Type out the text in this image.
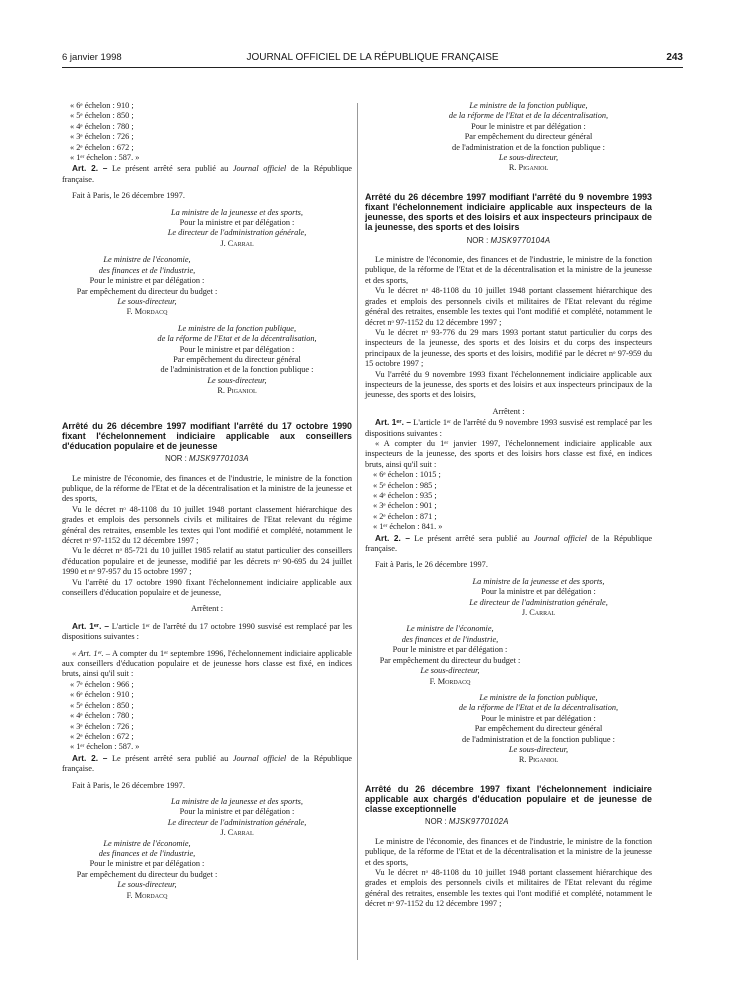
6 janvier 1998	JOURNAL OFFICIEL DE LA RÉPUBLIQUE FRANÇAISE	243

« 6ᵉ échelon : 910 ;

« 5ᵉ échelon : 850 ;

« 4ᵉ échelon : 780 ;

« 3ᵉ échelon : 726 ;

« 2ᵉ échelon : 672 ;

« 1ᵉʳ échelon : 587. »

Art. 2. – Le présent arrêté sera publié au Journal officiel de la République française.

Fait à Paris, le 26 décembre 1997.

La ministre de la jeunesse et des sports,

Pour la ministre et par délégation :

Le directeur de l'administration générale,

J. Carral

Le ministre de l'économie,

des finances et de l'industrie,

Pour le ministre et par délégation :

Par empêchement du directeur du budget :

Le sous-directeur,

F. Mordacq

Le ministre de la fonction publique,

de la réforme de l'Etat et de la décentralisation,

Pour le ministre et par délégation :

Par empêchement du directeur général

de l'administration et de la fonction publique :

Le sous-directeur,

R. Piganiol

Arrêté du 26 décembre 1997 modifiant l'arrêté du 17 octobre 1990 fixant l'échelonnement indiciaire applicable aux conseillers d'éducation populaire et de jeunesse

NOR : MJSK9770103A

Le ministre de l'économie, des finances et de l'industrie, le ministre de la fonction publique, de la réforme de l'Etat et de la décentralisation et la ministre de la jeunesse et des sports,

Vu le décret nᵒ 48-1108 du 10 juillet 1948 portant classement hiérarchique des grades et emplois des personnels civils et militaires de l'Etat relevant du régime général des retraites, ensemble les textes qui l'ont modifié et complété, notamment le décret nᵒ 97-1152 du 12 décembre 1997 ;

Vu le décret nᵒ 85-721 du 10 juillet 1985 relatif au statut particulier des conseillers d'éducation populaire et de jeunesse, modifié par les décrets nᵒ 90-695 du 24 juillet 1990 et nᵒ 97-957 du 15 octobre 1997 ;

Vu l'arrêté du 17 octobre 1990 fixant l'échelonnement indiciaire applicable aux conseillers d'éducation populaire et de jeunesse,

Arrêtent :

Art. 1ᵉʳ. – L'article 1ᵉʳ de l'arrêté du 17 octobre 1990 susvisé est remplacé par les dispositions suivantes :

« Art. 1ᵉʳ. – A compter du 1ᵉʳ septembre 1996, l'échelonnement indiciaire applicable aux conseillers d'éducation populaire et de jeunesse hors classe est fixé, en indices bruts, ainsi qu'il suit :

« 7ᵉ échelon : 966 ;

« 6ᵉ échelon : 910 ;

« 5ᵉ échelon : 850 ;

« 4ᵉ échelon : 780 ;

« 3ᵉ échelon : 726 ;

« 2ᵉ échelon : 672 ;

« 1ᵉʳ échelon : 587. »

Art. 2. – Le présent arrêté sera publié au Journal officiel de la République française.

Fait à Paris, le 26 décembre 1997.

La ministre de la jeunesse et des sports,

Pour la ministre et par délégation :

Le directeur de l'administration générale,

J. Carral

Le ministre de l'économie,

des finances et de l'industrie,

Pour le ministre et par délégation :

Par empêchement du directeur du budget :

Le sous-directeur,

F. Mordacq

Le ministre de la fonction publique,

de la réforme de l'Etat et de la décentralisation,

Pour le ministre et par délégation :

Par empêchement du directeur général

de l'administration et de la fonction publique :

Le sous-directeur,

R. Piganiol

Arrêté du 26 décembre 1997 modifiant l'arrêté du 9 novembre 1993 fixant l'échelonnement indiciaire applicable aux inspecteurs de la jeunesse, des sports et des loisirs et aux inspecteurs principaux de la jeunesse, des sports et des loisirs

NOR : MJSK9770104A

Le ministre de l'économie, des finances et de l'industrie, le ministre de la fonction publique, de la réforme de l'Etat et de la décentralisation et la ministre de la jeunesse et des sports,

Vu le décret nᵒ 48-1108 du 10 juillet 1948 portant classement hiérarchique des grades et emplois des personnels civils et militaires de l'Etat relevant du régime général des retraites, ensemble les textes qui l'ont modifié et complété, notamment le décret nᵒ 97-1152 du 12 décembre 1997 ;

Vu le décret nᵒ 93-776 du 29 mars 1993 portant statut particulier du corps des inspecteurs de la jeunesse, des sports et des loisirs et du corps des inspecteurs principaux de la jeunesse, des sports et des loisirs, modifié par le décret nᵒ 97-959 du 15 octobre 1997 ;

Vu l'arrêté du 9 novembre 1993 fixant l'échelonnement indiciaire applicable aux inspecteurs de la jeunesse, des sports et des loisirs et aux inspecteurs principaux de la jeunesse, des sports et des loisirs,

Arrêtent :

Art. 1ᵉʳ. – L'article 1ᵉʳ de l'arrêté du 9 novembre 1993 susvisé est remplacé par les dispositions suivantes :

« A compter du 1ᵉʳ janvier 1997, l'échelonnement indiciaire applicable aux inspecteurs de la jeunesse, des sports et des loisirs hors classe est fixé, en indices bruts, ainsi qu'il suit :

« 6ᵉ échelon : 1015 ;

« 5ᵉ échelon : 985 ;

« 4ᵉ échelon : 935 ;

« 3ᵉ échelon : 901 ;

« 2ᵉ échelon : 871 ;

« 1ᵉʳ échelon : 841. »

Art. 2. – Le présent arrêté sera publié au Journal officiel de la République française.

Fait à Paris, le 26 décembre 1997.

La ministre de la jeunesse et des sports,

Pour la ministre et par délégation :

Le directeur de l'administration générale,

J. Carral

Le ministre de l'économie,

des finances et de l'industrie,

Pour le ministre et par délégation :

Par empêchement du directeur du budget :

Le sous-directeur,

F. Mordacq

Le ministre de la fonction publique,

de la réforme de l'Etat et de la décentralisation,

Pour le ministre et par délégation :

Par empêchement du directeur général

de l'administration et de la fonction publique :

Le sous-directeur,

R. Piganiol

Arrêté du 26 décembre 1997 fixant l'échelonnement indiciaire applicable aux chargés d'éducation populaire et de jeunesse de classe exceptionnelle

NOR : MJSK9770102A

Le ministre de l'économie, des finances et de l'industrie, le ministre de la fonction publique, de la réforme de l'Etat et de la décentralisation et la ministre de la jeunesse et des sports,

Vu le décret nᵒ 48-1108 du 10 juillet 1948 portant classement hiérarchique des grades et emplois des personnels civils et militaires de l'Etat relevant du régime général des retraites, ensemble les textes qui l'ont modifié et complété, notamment le décret nᵒ 97-1152 du 12 décembre 1997 ;
